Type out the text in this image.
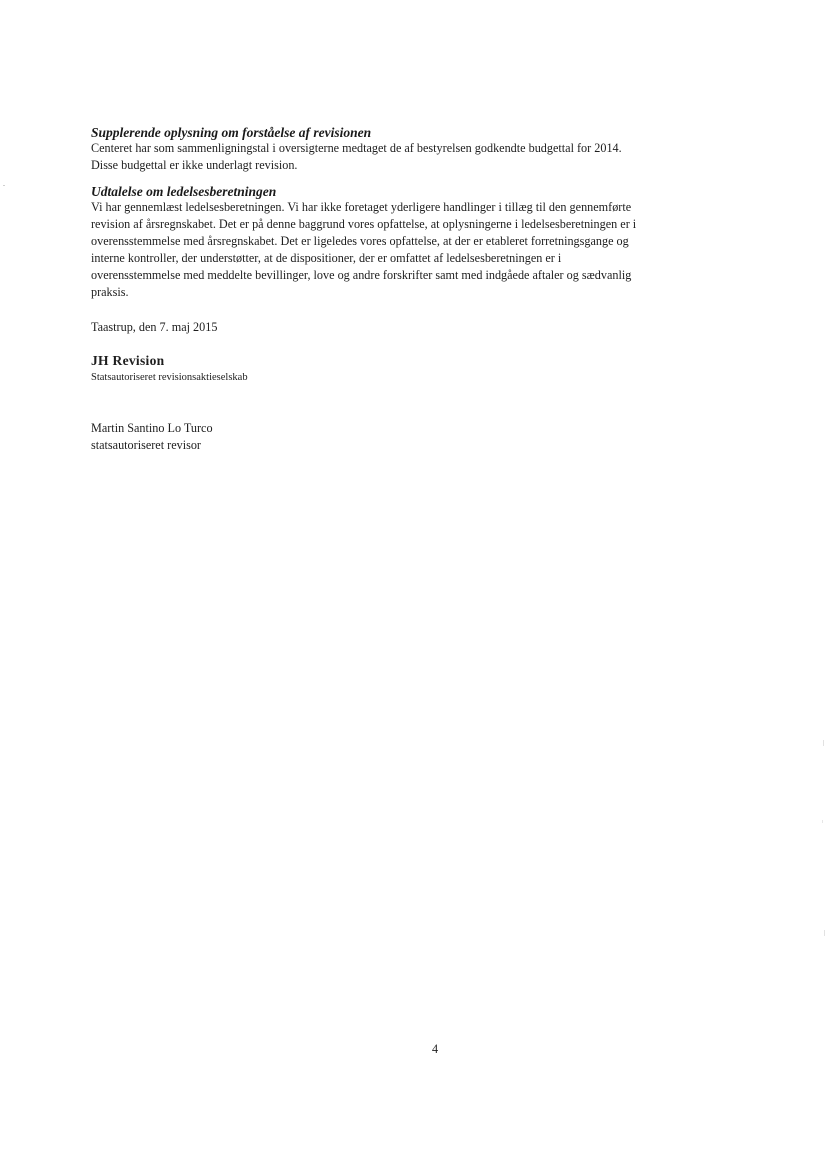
Supplerende oplysning om forståelse af revisionen
Centeret har som sammenligningstal i oversigterne medtaget de af bestyrelsen godkendte budgettal for 2014.
Disse budgettal er ikke underlagt revision.
Udtalelse om ledelsesberetningen
Vi har gennemlæst ledelsesberetningen. Vi har ikke foretaget yderligere handlinger i tillæg til den gennemførte
revision af årsregnskabet. Det er på denne baggrund vores opfattelse, at oplysningerne i ledelsesberetningen er i
overensstemmelse med årsregnskabet. Det er ligeledes vores opfattelse, at der er etableret forretningsgange og
interne kontroller, der understøtter, at de dispositioner, der er omfattet af ledelsesberetningen er i
overensstemmelse med meddelte bevillinger, love og andre forskrifter samt med indgåede aftaler og sædvanlig
praksis.
Taastrup, den 7. maj 2015
JH Revision
Statsautoriseret revisionsaktieselskab
Martin Santino Lo Turco
statsautoriseret revisor
4
